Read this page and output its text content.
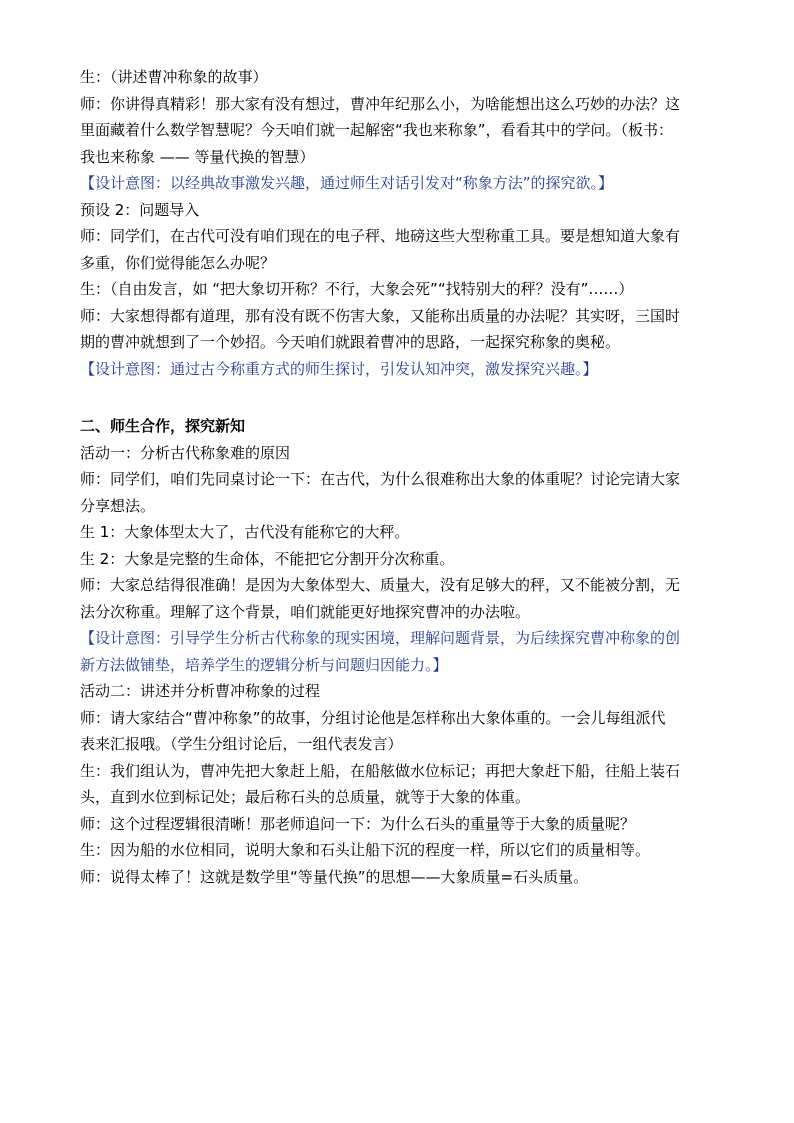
生：（讲述曹冲称象的故事）
师：你讲得真精彩！那大家有没有想过，曹冲年纪那么小，为啥能想出这么巧妙的办法？这
里面藏着什么数学智慧呢？今天咱们就一起解密“我也来称象”，看看其中的学问。（板书：
我也来称象 —— 等量代换的智慧）
【设计意图：以经典故事激发兴趣，通过师生对话引发对“称象方法”的探究欲。】
预设 2：问题导入
师：同学们，在古代可没有咱们现在的电子秤、地磅这些大型称重工具。要是想知道大象有
多重，你们觉得能怎么办呢？
生：（自由发言，如 “把大象切开称？不行，大象会死”“找特别大的秤？没有”……）
师：大家想得都有道理，那有没有既不伤害大象，又能称出质量的办法呢？其实呀，三国时
期的曹冲就想到了一个妙招。今天咱们就跟着曹冲的思路，一起探究称象的奥秘。
【设计意图：通过古今称重方式的师生探讨，引发认知冲突，激发探究兴趣。】
二、师生合作，探究新知
活动一：分析古代称象难的原因
师：同学们，咱们先同桌讨论一下：在古代，为什么很难称出大象的体重呢？讨论完请大家
分享想法。
生 1：大象体型太大了，古代没有能称它的大秤。
生 2：大象是完整的生命体，不能把它分割开分次称重。
师：大家总结得很准确！是因为大象体型大、质量大，没有足够大的秤，又不能被分割，无
法分次称重。理解了这个背景，咱们就能更好地探究曹冲的办法啦。
【设计意图：引导学生分析古代称象的现实困境，理解问题背景，为后续探究曹冲称象的创
新方法做铺垫，培养学生的逻辑分析与问题归因能力。】
活动二：讲述并分析曹冲称象的过程
师：请大家结合“曹冲称象”的故事，分组讨论他是怎样称出大象体重的。一会儿每组派代
表来汇报哦。（学生分组讨论后，一组代表发言）
生：我们组认为，曹冲先把大象赶上船，在船舷做水位标记；再把大象赶下船，往船上装石
头，直到水位到标记处；最后称石头的总质量，就等于大象的体重。
师：这个过程逻辑很清晰！那老师追问一下：为什么石头的重量等于大象的质量呢？
生：因为船的水位相同，说明大象和石头让船下沉的程度一样，所以它们的质量相等。
师：说得太棒了！这就是数学里“等量代换”的思想——大象质量=石头质量。
